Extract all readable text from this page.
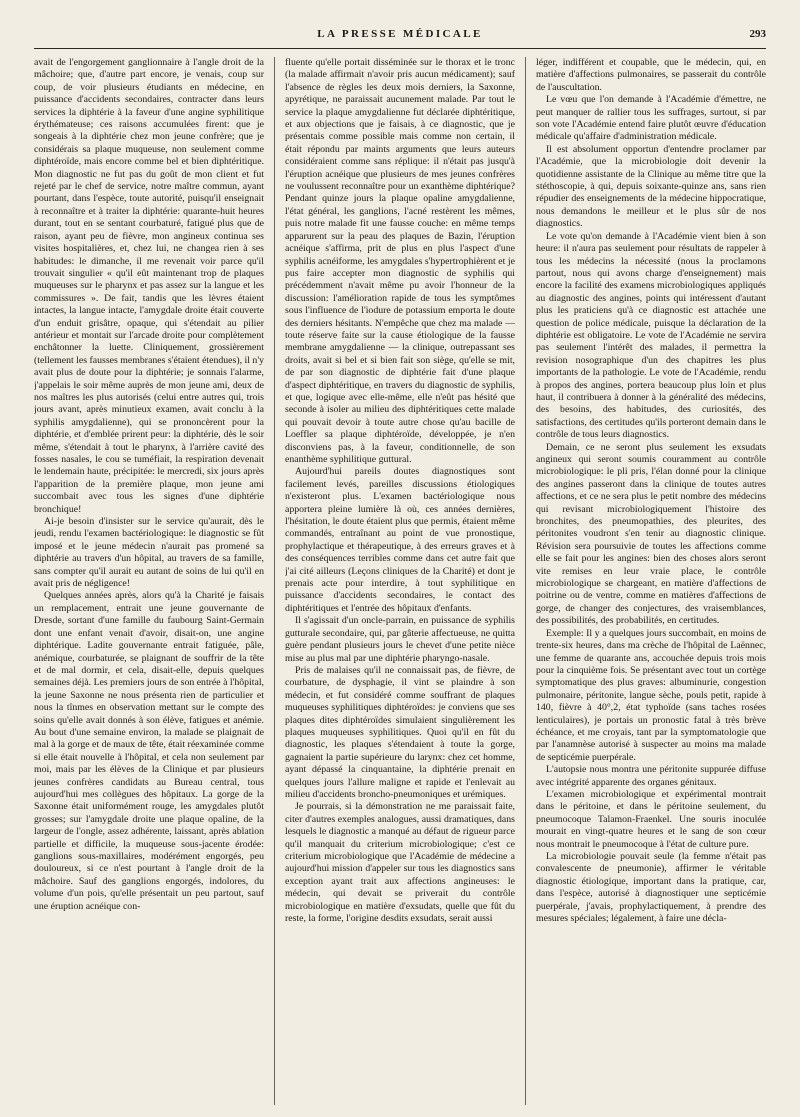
LA PRESSE MÉDICALE	293

avait de l'engorgement ganglionnaire à l'angle droit de la mâchoire; que, d'autre part encore, je venais, coup sur coup, de voir plusieurs étudiants en médecine, en puissance d'accidents secondaires, contracter dans leurs services la diphtérie à la faveur d'une angine syphilitique érythémateuse; ces raisons accumulées firent: que je songeais à la diphtérie chez mon jeune confrère; que je considérais sa plaque muqueuse, non seulement comme diphtéroïde, mais encore comme bel et bien diphtéritique. Mon diagnostic ne fut pas du goût de mon client et fut rejeté par le chef de service, notre maître commun, ayant pourtant, dans l'espèce, toute autorité, puisqu'il enseignait à reconnaître et à traiter la diphtérie: quarante-huit heures durant, tout en se sentant courbaturé, fatigué plus que de raison, ayant peu de fièvre, mon angineux continua ses visites hospitalières, et, chez lui, ne changea rien à ses habitudes: le dimanche, il me revenait voir parce qu'il trouvait singulier « qu'il eût maintenant trop de plaques muqueuses sur le pharynx et pas assez sur la langue et les commissures ». De fait, tandis que les lèvres étaient intactes, la langue intacte, l'amygdale droite était couverte d'un enduit grisâtre, opaque, qui s'étendait au pilier antérieur et montait sur l'arcade droite pour complètement enchâtonner la luette. Cliniquement, grossièrement (tellement les fausses membranes s'étaient étendues), il n'y avait plus de doute pour la diphtérie; je sonnais l'alarme, j'appelais le soir même auprès de mon jeune ami, deux de nos maîtres les plus autorisés (celui entre autres qui, trois jours avant, après minutieux examen, avait conclu à la syphilis amygdalienne), qui se prononcèrent pour la diphtérie, et d'emblée prirent peur: la diphtérie, dès le soir même, s'étendait à tout le pharynx, à l'arrière cavité des fosses nasales, le cou se tuméfiait, la respiration devenait le lendemain haute, précipitée: le mercredi, six jours après l'apparition de la première plaque, mon jeune ami succombait avec tous les signes d'une diphtérie bronchique!

Ai-je besoin d'insister sur le service qu'aurait, dès le jeudi, rendu l'examen bactériologique: le diagnostic se fût imposé et le jeune médecin n'aurait pas promené sa diphtérie au travers d'un hôpital, au travers de sa famille, sans compter qu'il aurait eu autant de soins de lui qu'il en avait pris de négligence!

Quelques années après, alors qu'à la Charité je faisais un remplacement, entrait une jeune gouvernante de Dresde, sortant d'une famille du faubourg Saint-Germain dont une enfant venait d'avoir, disait-on, une angine diphtérique. Ladite gouvernante entrait fatiguée, pâle, anémique, courbaturée, se plaignant de souffrir de la tête et de mal dormir, et cela, disait-elle, depuis quelques semaines déjà. Les premiers jours de son entrée à l'hôpital, la jeune Saxonne ne nous présenta rien de particulier et nous la tînmes en observation mettant sur le compte des soins qu'elle avait donnés à son élève, fatigues et anémie. Au bout d'une semaine environ, la malade se plaignait de mal à la gorge et de maux de tête, était réexaminée comme si elle était nouvelle à l'hôpital, et cela non seulement par moi, mais par les élèves de la Clinique et par plusieurs jeunes confrères candidats au Bureau central, tous aujourd'hui mes collègues des hôpitaux. La gorge de la Saxonne était uniformément rouge, les amygdales plutôt grosses; sur l'amygdale droite une plaque opaline, de la largeur de l'ongle, assez adhérente, laissant, après ablation partielle et difficile, la muqueuse sous-jacente érodée: ganglions sous-maxillaires, modérément engorgés, peu douloureux, si ce n'est pourtant à l'angle droit de la mâchoire. Sauf des ganglions engorgés, indolores, du volume d'un pois, qu'elle présentait un peu partout, sauf une éruption acnéique con-

fluente qu'elle portait disséminée sur le thorax et le tronc (la malade affirmait n'avoir pris aucun médicament); sauf l'absence de règles les deux mois derniers, la Saxonne, apyrétique, ne paraissait aucunement malade. Par tout le service la plaque amygdalienne fut déclarée diphtéritique, et aux objections que je faisais, à ce diagnostic, que je présentais comme possible mais comme non certain, il était répondu par maints arguments que leurs auteurs considéraient comme sans réplique: il n'était pas jusqu'à l'éruption acnéique que plusieurs de mes jeunes confrères ne voulussent reconnaître pour un exanthème diphtérique? Pendant quinze jours la plaque opaline amygdalienne, l'état général, les ganglions, l'acné restèrent les mêmes, puis notre malade fit une fausse couche: en même temps apparurent sur la peau des plaques de Bazin, l'éruption acnéique s'affirma, prit de plus en plus l'aspect d'une syphilis acnéiforme, les amygdales s'hypertrophièrent et je pus faire accepter mon diagnostic de syphilis qui précédemment n'avait même pu avoir l'honneur de la discussion: l'amélioration rapide de tous les symptômes sous l'influence de l'iodure de potassium emporta le doute des derniers hésitants. N'empêche que chez ma malade — toute réserve faite sur la cause étiologique de la fausse membrane amygdalienne — la clinique, outrepassant ses droits, avait si bel et si bien fait son siège, qu'elle se mit, de par son diagnostic de diphtérie fait d'une plaque d'aspect diphtéritique, en travers du diagnostic de syphilis, et que, logique avec elle-même, elle n'eût pas hésité que seconde à isoler au milieu des diphtéritiques cette malade qui pouvait devoir à toute autre chose qu'au bacille de Loeffler sa plaque diphtéroïde, développée, je n'en disconviens pas, à la faveur, conditionnelle, de son enanthème syphilitique guttural.

Aujourd'hui pareils doutes diagnostiques sont facilement levés, pareilles discussions étiologiques n'existeront plus. L'examen bactériologique nous apportera pleine lumière là où, ces années dernières, l'hésitation, le doute étaient plus que permis, étaient même commandés, entraînant au point de vue pronostique, prophylactique et thérapeutique, à des erreurs graves et à des conséquences terribles comme dans cet autre fait que j'ai cité ailleurs (Leçons cliniques de la Charité) et dont je prenais acte pour interdire, à tout syphilitique en puissance d'accidents secondaires, le contact des diphtéritiques et l'entrée des hôpitaux d'enfants.

Il s'agissait d'un oncle-parrain, en puissance de syphilis gutturale secondaire, qui, par gâterie affectueuse, ne quitta guère pendant plusieurs jours le chevet d'une petite nièce mise au plus mal par une diphtérie pharyngo-nasale.

Pris de malaises qu'il ne connaissait pas, de fièvre, de courbature, de dysphagie, il vint se plaindre à son médecin, et fut considéré comme souffrant de plaques muqueuses syphilitiques diphtéroïdes: je conviens que ses plaques dites diphtéroïdes simulaient singulièrement les plaques muqueuses syphilitiques. Quoi qu'il en fût du diagnostic, les plaques s'étendaient à toute la gorge, gagnaient la partie supérieure du larynx: chez cet homme, ayant dépassé la cinquantaine, la diphtérie prenait en quelques jours l'allure maligne et rapide et l'enlevait au milieu d'accidents broncho-pneumoniques et urémiques.

Je pourrais, si la démonstration ne me paraissait faite, citer d'autres exemples analogues, aussi dramatiques, dans lesquels le diagnostic a manqué au défaut de rigueur parce qu'il manquait du criterium microbiologique; c'est ce criterium microbiologique que l'Académie de médecine a aujourd'hui mission d'appeler sur tous les diagnostics sans exception ayant trait aux affections angineuses: le médecin, qui devait se priverait du contrôle microbiologique en matière d'exsudats, quelle que fût du reste, la forme, l'origine desdits exsudats, serait aussi

léger, indifférent et coupable, que le médecin, qui, en matière d'affections pulmonaires, se passerait du contrôle de l'auscultation.

Le vœu que l'on demande à l'Académie d'émettre, ne peut manquer de rallier tous les suffrages, surtout, si par son vote l'Académie entend faire plutôt œuvre d'éducation médicale qu'affaire d'administration médicale.

Il est absolument opportun d'entendre proclamer par l'Académie, que la microbiologie doit devenir la quotidienne assistante de la Clinique au même titre que la stéthoscopie, à qui, depuis soixante-quinze ans, sans rien répudier des enseignements de la médecine hippocratique, nous demandons le meilleur et le plus sûr de nos diagnostics.

Le vote qu'on demande à l'Académie vient bien à son heure: il n'aura pas seulement pour résultats de rappeler à tous les médecins la nécessité (nous la proclamons partout, nous qui avons charge d'enseignement) mais encore la facilité des examens microbiologiques appliqués au diagnostic des angines, points qui intéressent d'autant plus les praticiens qu'à ce diagnostic est attachée une question de police médicale, puisque la déclaration de la diphtérie est obligatoire. Le vote de l'Académie ne servira pas seulement l'intérêt des malades, il permettra la revision nosographique d'un des chapitres les plus importants de la pathologie. Le vote de l'Académie, rendu à propos des angines, portera beaucoup plus loin et plus haut, il contribuera à donner à la généralité des médecins, des besoins, des habitudes, des curiosités, des satisfactions, des certitudes qu'ils porteront demain dans le contrôle de tous leurs diagnostics.

Demain, ce ne seront plus seulement les exsudats angineux qui seront soumis couramment au contrôle microbiologique: le pli pris, l'élan donné pour la clinique des angines passeront dans la clinique de toutes autres affections, et ce ne sera plus le petit nombre des médecins qui revisant microbiologiquement l'histoire des bronchites, des pneumopathies, des pleurites, des péritonites voudront s'en tenir au diagnostic clinique. Révision sera poursuivie de toutes les affections comme elle se fait pour les angines: bien des choses alors seront vite remises en leur vraie place, le contrôle microbiologique se chargeant, en matière d'affections de poitrine ou de ventre, comme en matières d'affections de gorge, de changer des conjectures, des vraisemblances, des possibilités, des probabilités, en certitudes.

Exemple: Il y a quelques jours succombait, en moins de trente-six heures, dans ma crèche de l'hôpital de Laënnec, une femme de quarante ans, accouchée depuis trois mois pour la cinquième fois. Se présentant avec tout un cortège symptomatique des plus graves: albuminurie, congestion pulmonaire, péritonite, langue sèche, pouls petit, rapide à 140, fièvre à 40°,2, état typhoïde (sans taches rosées lenticulaires), je portais un pronostic fatal à très brève échéance, et me croyais, tant par la symptomatologie que par l'anamnèse autorisé à suspecter au moins ma malade de septicémie puerpérale.

L'autopsie nous montra une péritonite suppurée diffuse avec intégrité apparente des organes génitaux.

L'examen microbiologique et expérimental montrait dans le péritoine, et dans le péritoine seulement, du pneumocoque Talamon-Fraenkel. Une souris inoculée mourait en vingt-quatre heures et le sang de son cœur nous montrait le pneumocoque à l'état de culture pure.

La microbiologie pouvait seule (la femme n'était pas convalescente de pneumonie), affirmer le véritable diagnostic étiologique, important dans la pratique, car, dans l'espèce, autorisé à diagnostiquer une septicémie puerpérale, j'avais, prophylactiquement, à prendre des mesures spéciales; légalement, à faire une décla-
